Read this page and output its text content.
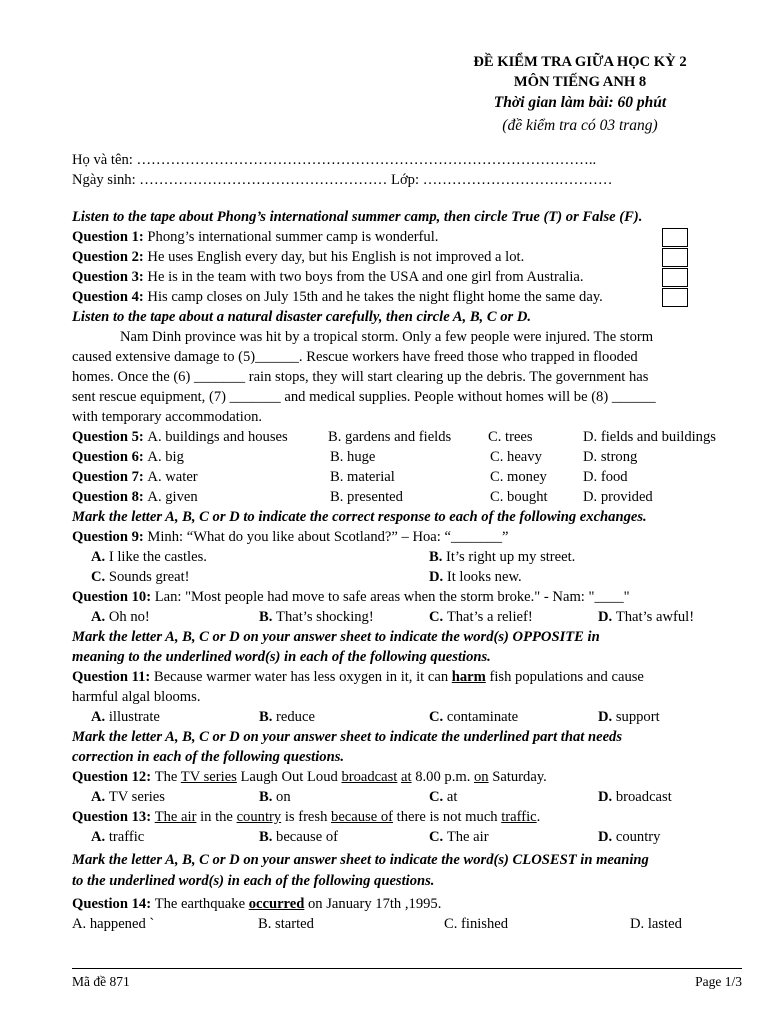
ĐỀ KIỂM TRA GIỮA HỌC KỲ 2
MÔN TIẾNG ANH 8
Thời gian làm bài: 60 phút
(đề kiểm tra có 03 trang)
Họ và tên: …………………………………………………………………………………..
Ngày sinh: …………………………………………… Lớp: …………………………………
Listen to the tape about Phong’s international summer camp, then circle True (T) or False (F).
Question 1: Phong’s international summer camp is wonderful.
Question 2: He uses English every day, but his English is not improved a lot.
Question 3: He is in the team with two boys from the USA and one girl from Australia.
Question 4: His camp closes on July 15th and he takes the night flight home the same day.
Listen to the tape about a natural disaster carefully, then circle A, B, C or D.
Nam Dinh province was hit by a tropical storm. Only a few people were injured. The storm
caused extensive damage to (5)______. Rescue workers have freed those who trapped in flooded
homes. Once the (6) _______ rain stops, they will start clearing up the debris. The government has
sent rescue equipment, (7) _______ and medical supplies. People without homes will be (8) ______
with temporary accommodation.
Question 5: A. buildings and houses	B. gardens and fields	C. trees	D. fields and buildings
Question 6: A. big	B. huge	C. heavy	D. strong
Question 7: A. water	B. material	C. money D. food
Question 8: A. given	B. presented	C. bought D. provided
Mark the letter A, B, C or D to indicate the correct response to each of the following exchanges.
Question 9: Minh: “What do you like about Scotland?” – Hoa: “_______”
A. I like the castles.	B. It’s right up my street.
C. Sounds great!	D. It looks new.
Question 10: Lan: "Most people had move to safe areas when the storm broke." - Nam: "____"
A. Oh no!	B. That’s shocking!	C. That’s a relief!	D. That’s awful!
Mark the letter A, B, C or D on your answer sheet to indicate the word(s) OPPOSITE in
meaning to the underlined word(s) in each of the following questions.
Question 11: Because warmer water has less oxygen in it, it can harm fish populations and cause
harmful algal blooms.
A. illustrate	B. reduce	C. contaminate	D. support
Mark the letter A, B, C or D on your answer sheet to indicate the underlined part that needs
correction in each of the following questions.
Question 12: The TV series Laugh Out Loud broadcast at 8.00 p.m. on Saturday.
A. TV series	B. on	C. at	D. broadcast
Question 13: The air in the country is fresh because of there is not much traffic.
A. traffic	B. because of	C. The air	D. country
Mark the letter A, B, C or D on your answer sheet to indicate the word(s) CLOSEST in meaning
to the underlined word(s) in each of the following questions.
Question 14: The earthquake occurred on January 17th ,1995.
A. happened `	B. started	C. finished	D. lasted
Mã đề 871	Page 1/3
